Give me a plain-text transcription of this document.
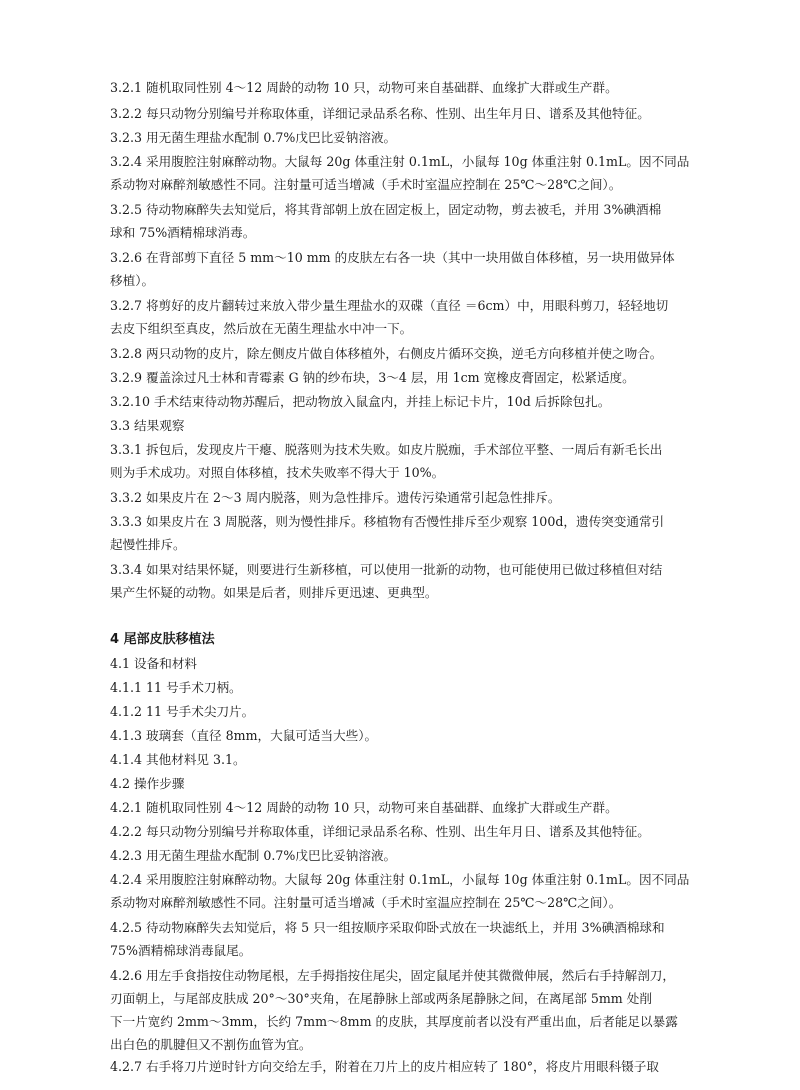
3.2.1 随机取同性别 4～12 周龄的动物 10 只，动物可来自基础群、血缘扩大群或生产群。
3.2.2 每只动物分别编号并称取体重，详细记录品系名称、性别、出生年月日、谱系及其他特征。
3.2.3 用无菌生理盐水配制 0.7%戊巴比妥钠溶液。
3.2.4 采用腹腔注射麻醉动物。大鼠每 20g 体重注射 0.1mL，小鼠每 10g 体重注射 0.1mL。因不同品
系动物对麻醉剂敏感性不同。注射量可适当增减（手术时室温应控制在 25℃～28℃之间）。
3.2.5 待动物麻醉失去知觉后，将其背部朝上放在固定板上，固定动物，剪去被毛，并用 3%碘酒棉
球和 75%酒精棉球消毒。
3.2.6 在背部剪下直径 5 mm～10 mm 的皮肤左右各一块（其中一块用做自体移植，另一块用做异体
移植）。
3.2.7 将剪好的皮片翻转过来放入带少量生理盐水的双碟（直径 ＝6cm）中，用眼科剪刀，轻轻地切
去皮下组织至真皮，然后放在无菌生理盐水中冲一下。
3.2.8 两只动物的皮片，除左侧皮片做自体移植外，右侧皮片循环交换，逆毛方向移植并使之吻合。
3.2.9 覆盖涂过凡士林和青霉素 G 钠的纱布块，3～4 层，用 1cm 宽橡皮膏固定，松紧适度。
3.2.10 手术结束待动物苏醒后，把动物放入鼠盒内，并挂上标记卡片，10d 后拆除包扎。
3.3 结果观察
3.3.1 拆包后，发现皮片干瘪、脱落则为技术失败。如皮片脱痂，手术部位平整、一周后有新毛长出
则为手术成功。对照自体移植，技术失败率不得大于 10%。
3.3.2 如果皮片在 2～3 周内脱落，则为急性排斥。遗传污染通常引起急性排斥。
3.3.3 如果皮片在 3 周脱落，则为慢性排斥。移植物有否慢性排斥至少观察 100d，遗传突变通常引
起慢性排斥。
3.3.4 如果对结果怀疑，则要进行生新移植，可以使用一批新的动物，也可能使用已做过移植但对结
果产生怀疑的动物。如果是后者，则排斥更迅速、更典型。
4 尾部皮肤移植法
4.1 设备和材料
4.1.1 11 号手术刀柄。
4.1.2 11 号手术尖刀片。
4.1.3 玻璃套（直径 8mm，大鼠可适当大些）。
4.1.4 其他材料见 3.1。
4.2 操作步骤
4.2.1 随机取同性别 4～12 周龄的动物 10 只，动物可来自基础群、血缘扩大群或生产群。
4.2.2 每只动物分别编号并称取体重，详细记录品系名称、性别、出生年月日、谱系及其他特征。
4.2.3 用无菌生理盐水配制 0.7%戊巴比妥钠溶液。
4.2.4 采用腹腔注射麻醉动物。大鼠每 20g 体重注射 0.1mL，小鼠每 10g 体重注射 0.1mL。因不同品
系动物对麻醉剂敏感性不同。注射量可适当增减（手术时室温应控制在 25℃～28℃之间）。
4.2.5 待动物麻醉失去知觉后，将 5 只一组按顺序采取仰卧式放在一块滤纸上，并用 3%碘酒棉球和
75%酒精棉球消毒鼠尾。
4.2.6 用左手食指按住动物尾根，左手拇指按住尾尖，固定鼠尾并使其微微伸展，然后右手持解剖刀，
刃面朝上，与尾部皮肤成 20°～30°夹角，在尾静脉上部或两条尾静脉之间，在离尾部 5mm 处削
下一片宽约 2mm～3mm，长约 7mm～8mm 的皮肤，其厚度前者以没有严重出血，后者能足以暴露
出白色的肌腱但又不割伤血管为宜。
4.2.7 右手将刀片逆时针方向交给左手，附着在刀片上的皮片相应转了 180°，将皮片用眼科镊子取
